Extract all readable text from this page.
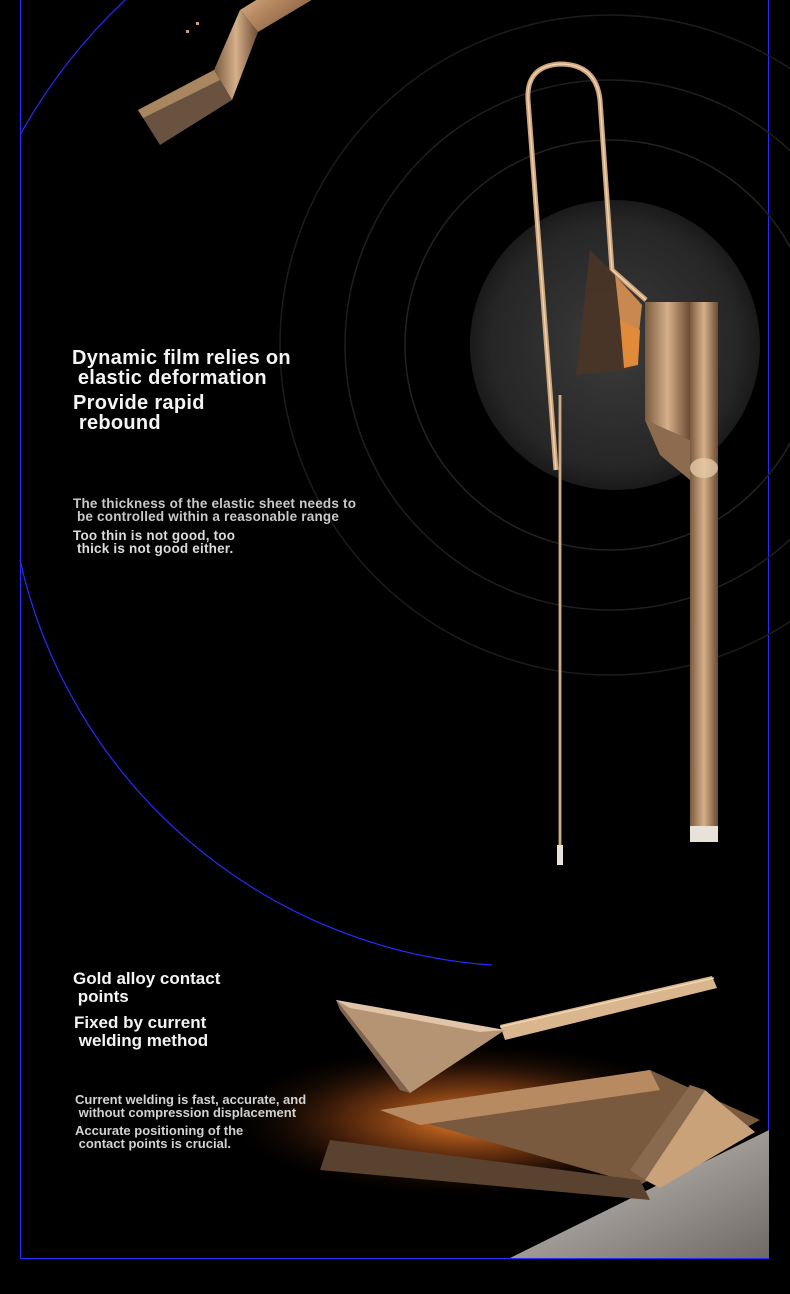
Dynamic film relies on
elastic deformation
Provide rapid
rebound
The thickness of the elastic sheet needs to
be controlled within a reasonable range
Too thin is not good, too
thick is not good either.
Gold alloy contact
points
Fixed by current
welding method
Current welding is fast, accurate, and
without compression displacement
Accurate positioning of the
contact points is crucial.
